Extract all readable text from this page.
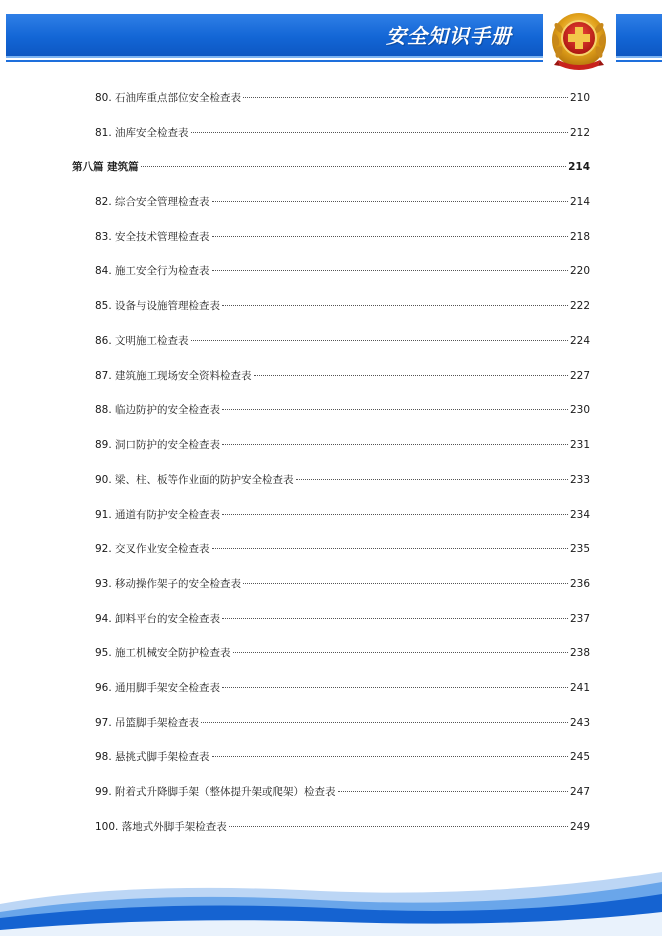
安全知识手册
80. 石油库重点部位安全检查表	210
81. 油库安全检查表	212
第八篇 建筑篇	214
82. 综合安全管理检查表	214
83. 安全技术管理检查表	218
84. 施工安全行为检查表	220
85. 设备与设施管理检查表	222
86. 文明施工检查表	224
87. 建筑施工现场安全资料检查表	227
88. 临边防护的安全检查表	230
89. 洞口防护的安全检查表	231
90. 梁、柱、板等作业面的防护安全检查表	233
91. 通道有防护安全检查表	234
92. 交叉作业安全检查表	235
93. 移动操作架子的安全检查表	236
94. 卸料平台的安全检查表	237
95. 施工机械安全防护检查表	238
96. 通用脚手架安全检查表	241
97. 吊篮脚手架检查表	243
98. 悬挑式脚手架检查表	245
99. 附着式升降脚手架（整体提升架或爬架）检查表	247
100. 落地式外脚手架检查表	249
